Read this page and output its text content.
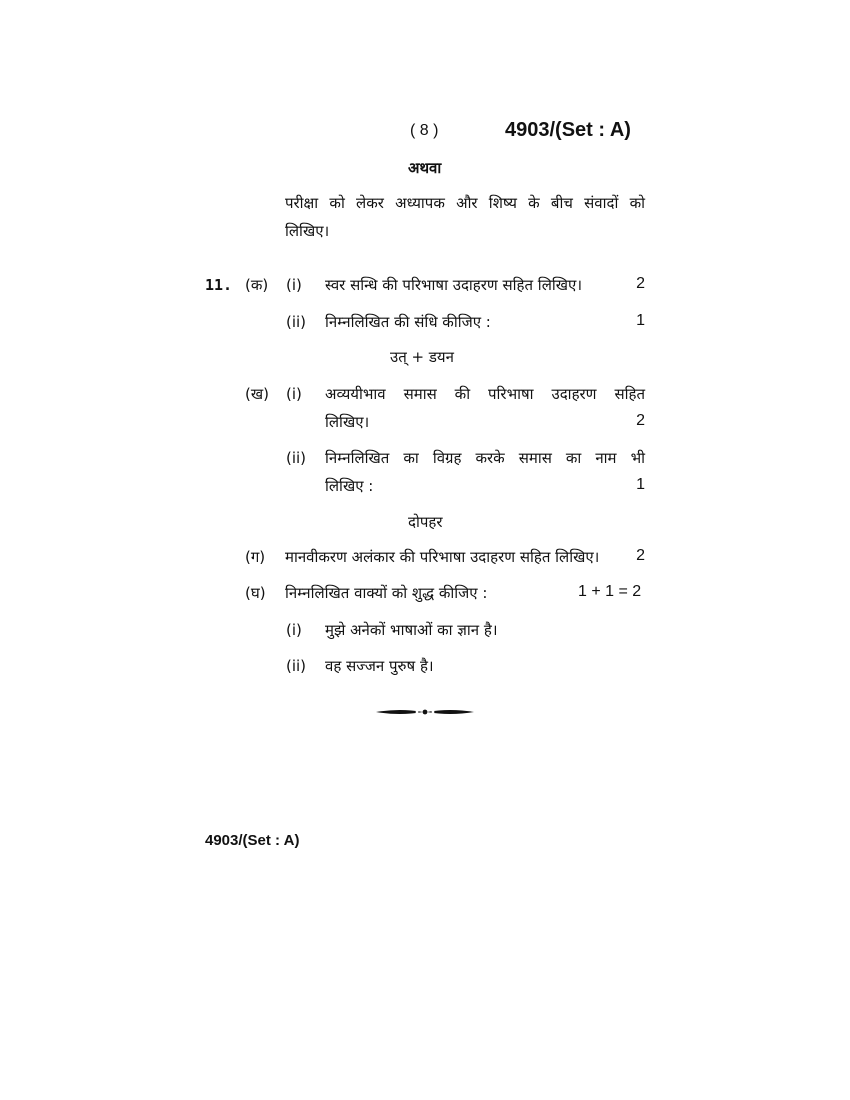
( 8 )	4903/(Set : A)
अथवा
परीक्षा को लेकर अध्यापक और शिष्य के बीच संवादों को
लिखिए।
11. (क) (i) स्वर सन्धि की परिभाषा उदाहरण सहित लिखिए।	2
(ii) निम्नलिखित की संधि कीजिए :	1
उत् + डयन
(ख) (i) अव्ययीभाव समास की परिभाषा उदाहरण सहित
लिखिए।	2
(ii) निम्नलिखित का विग्रह करके समास का नाम भी
लिखिए :	1
दोपहर
(ग) मानवीकरण अलंकार की परिभाषा उदाहरण सहित लिखिए।	2
(घ) निम्नलिखित वाक्यों को शुद्ध कीजिए :	1 + 1 = 2
(i) मुझे अनेकों भाषाओं का ज्ञान है।
(ii) वह सज्जन पुरुष है।
4903/(Set : A)
